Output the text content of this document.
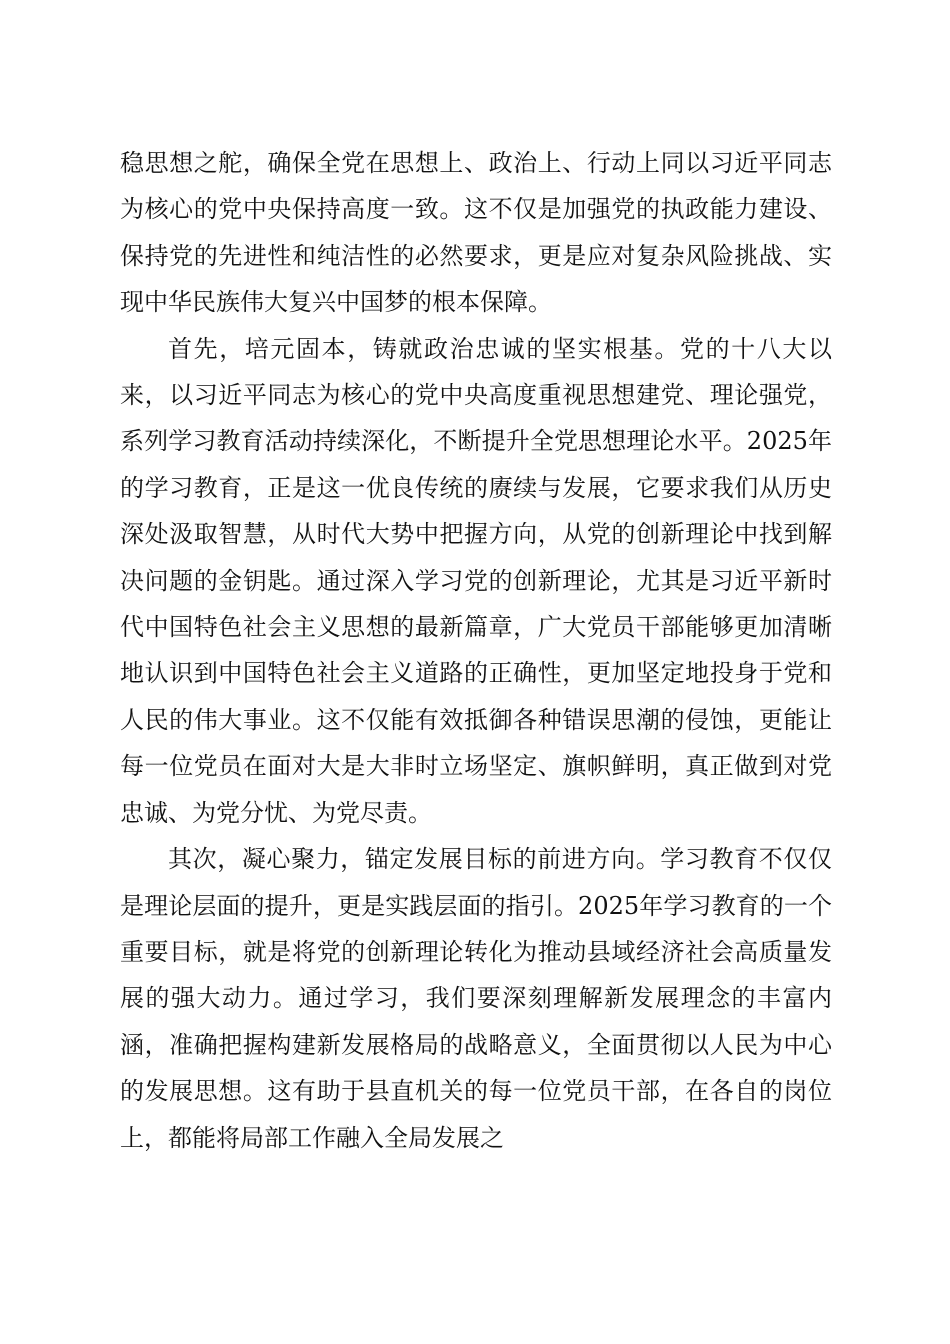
稳思想之舵，确保全党在思想上、政治上、行动上同以习近平同志为核心的党中央保持高度一致。这不仅是加强党的执政能力建设、保持党的先进性和纯洁性的必然要求，更是应对复杂风险挑战、实现中华民族伟大复兴中国梦的根本保障。

首先，培元固本，铸就政治忠诚的坚实根基。党的十八大以来，以习近平同志为核心的党中央高度重视思想建党、理论强党，系列学习教育活动持续深化，不断提升全党思想理论水平。2025年的学习教育，正是这一优良传统的赓续与发展，它要求我们从历史深处汲取智慧，从时代大势中把握方向，从党的创新理论中找到解决问题的金钥匙。通过深入学习党的创新理论，尤其是习近平新时代中国特色社会主义思想的最新篇章，广大党员干部能够更加清晰地认识到中国特色社会主义道路的正确性，更加坚定地投身于党和人民的伟大事业。这不仅能有效抵御各种错误思潮的侵蚀，更能让每一位党员在面对大是大非时立场坚定、旗帜鲜明，真正做到对党忠诚、为党分忧、为党尽责。

其次，凝心聚力，锚定发展目标的前进方向。学习教育不仅仅是理论层面的提升，更是实践层面的指引。2025年学习教育的一个重要目标，就是将党的创新理论转化为推动县域经济社会高质量发展的强大动力。通过学习，我们要深刻理解新发展理念的丰富内涵，准确把握构建新发展格局的战略意义，全面贯彻以人民为中心的发展思想。这有助于县直机关的每一位党员干部，在各自的岗位上，都能将局部工作融入全局发展之
